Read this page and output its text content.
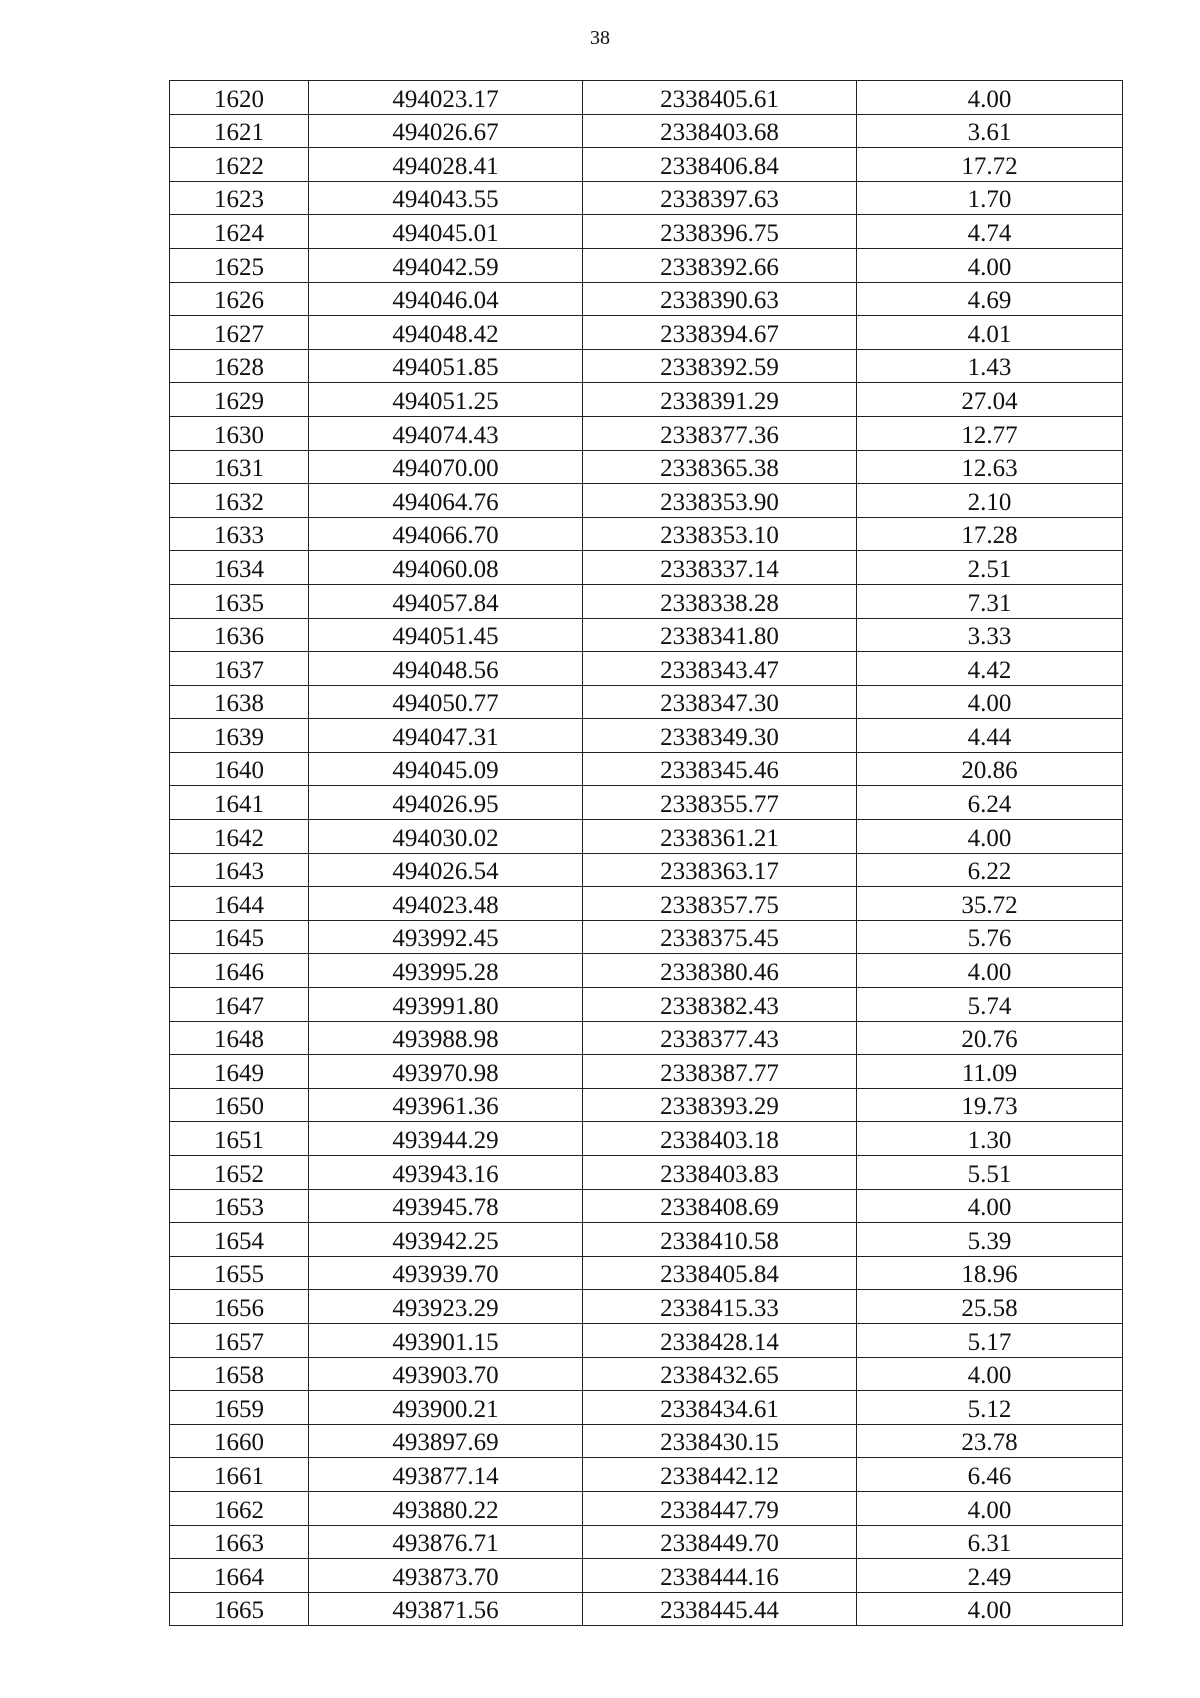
38
1620	494023.17	2338405.61	4.00
1621	494026.67	2338403.68	3.61
1622	494028.41	2338406.84	17.72
1623	494043.55	2338397.63	1.70
1624	494045.01	2338396.75	4.74
1625	494042.59	2338392.66	4.00
1626	494046.04	2338390.63	4.69
1627	494048.42	2338394.67	4.01
1628	494051.85	2338392.59	1.43
1629	494051.25	2338391.29	27.04
1630	494074.43	2338377.36	12.77
1631	494070.00	2338365.38	12.63
1632	494064.76	2338353.90	2.10
1633	494066.70	2338353.10	17.28
1634	494060.08	2338337.14	2.51
1635	494057.84	2338338.28	7.31
1636	494051.45	2338341.80	3.33
1637	494048.56	2338343.47	4.42
1638	494050.77	2338347.30	4.00
1639	494047.31	2338349.30	4.44
1640	494045.09	2338345.46	20.86
1641	494026.95	2338355.77	6.24
1642	494030.02	2338361.21	4.00
1643	494026.54	2338363.17	6.22
1644	494023.48	2338357.75	35.72
1645	493992.45	2338375.45	5.76
1646	493995.28	2338380.46	4.00
1647	493991.80	2338382.43	5.74
1648	493988.98	2338377.43	20.76
1649	493970.98	2338387.77	11.09
1650	493961.36	2338393.29	19.73
1651	493944.29	2338403.18	1.30
1652	493943.16	2338403.83	5.51
1653	493945.78	2338408.69	4.00
1654	493942.25	2338410.58	5.39
1655	493939.70	2338405.84	18.96
1656	493923.29	2338415.33	25.58
1657	493901.15	2338428.14	5.17
1658	493903.70	2338432.65	4.00
1659	493900.21	2338434.61	5.12
1660	493897.69	2338430.15	23.78
1661	493877.14	2338442.12	6.46
1662	493880.22	2338447.79	4.00
1663	493876.71	2338449.70	6.31
1664	493873.70	2338444.16	2.49
1665	493871.56	2338445.44	4.00
